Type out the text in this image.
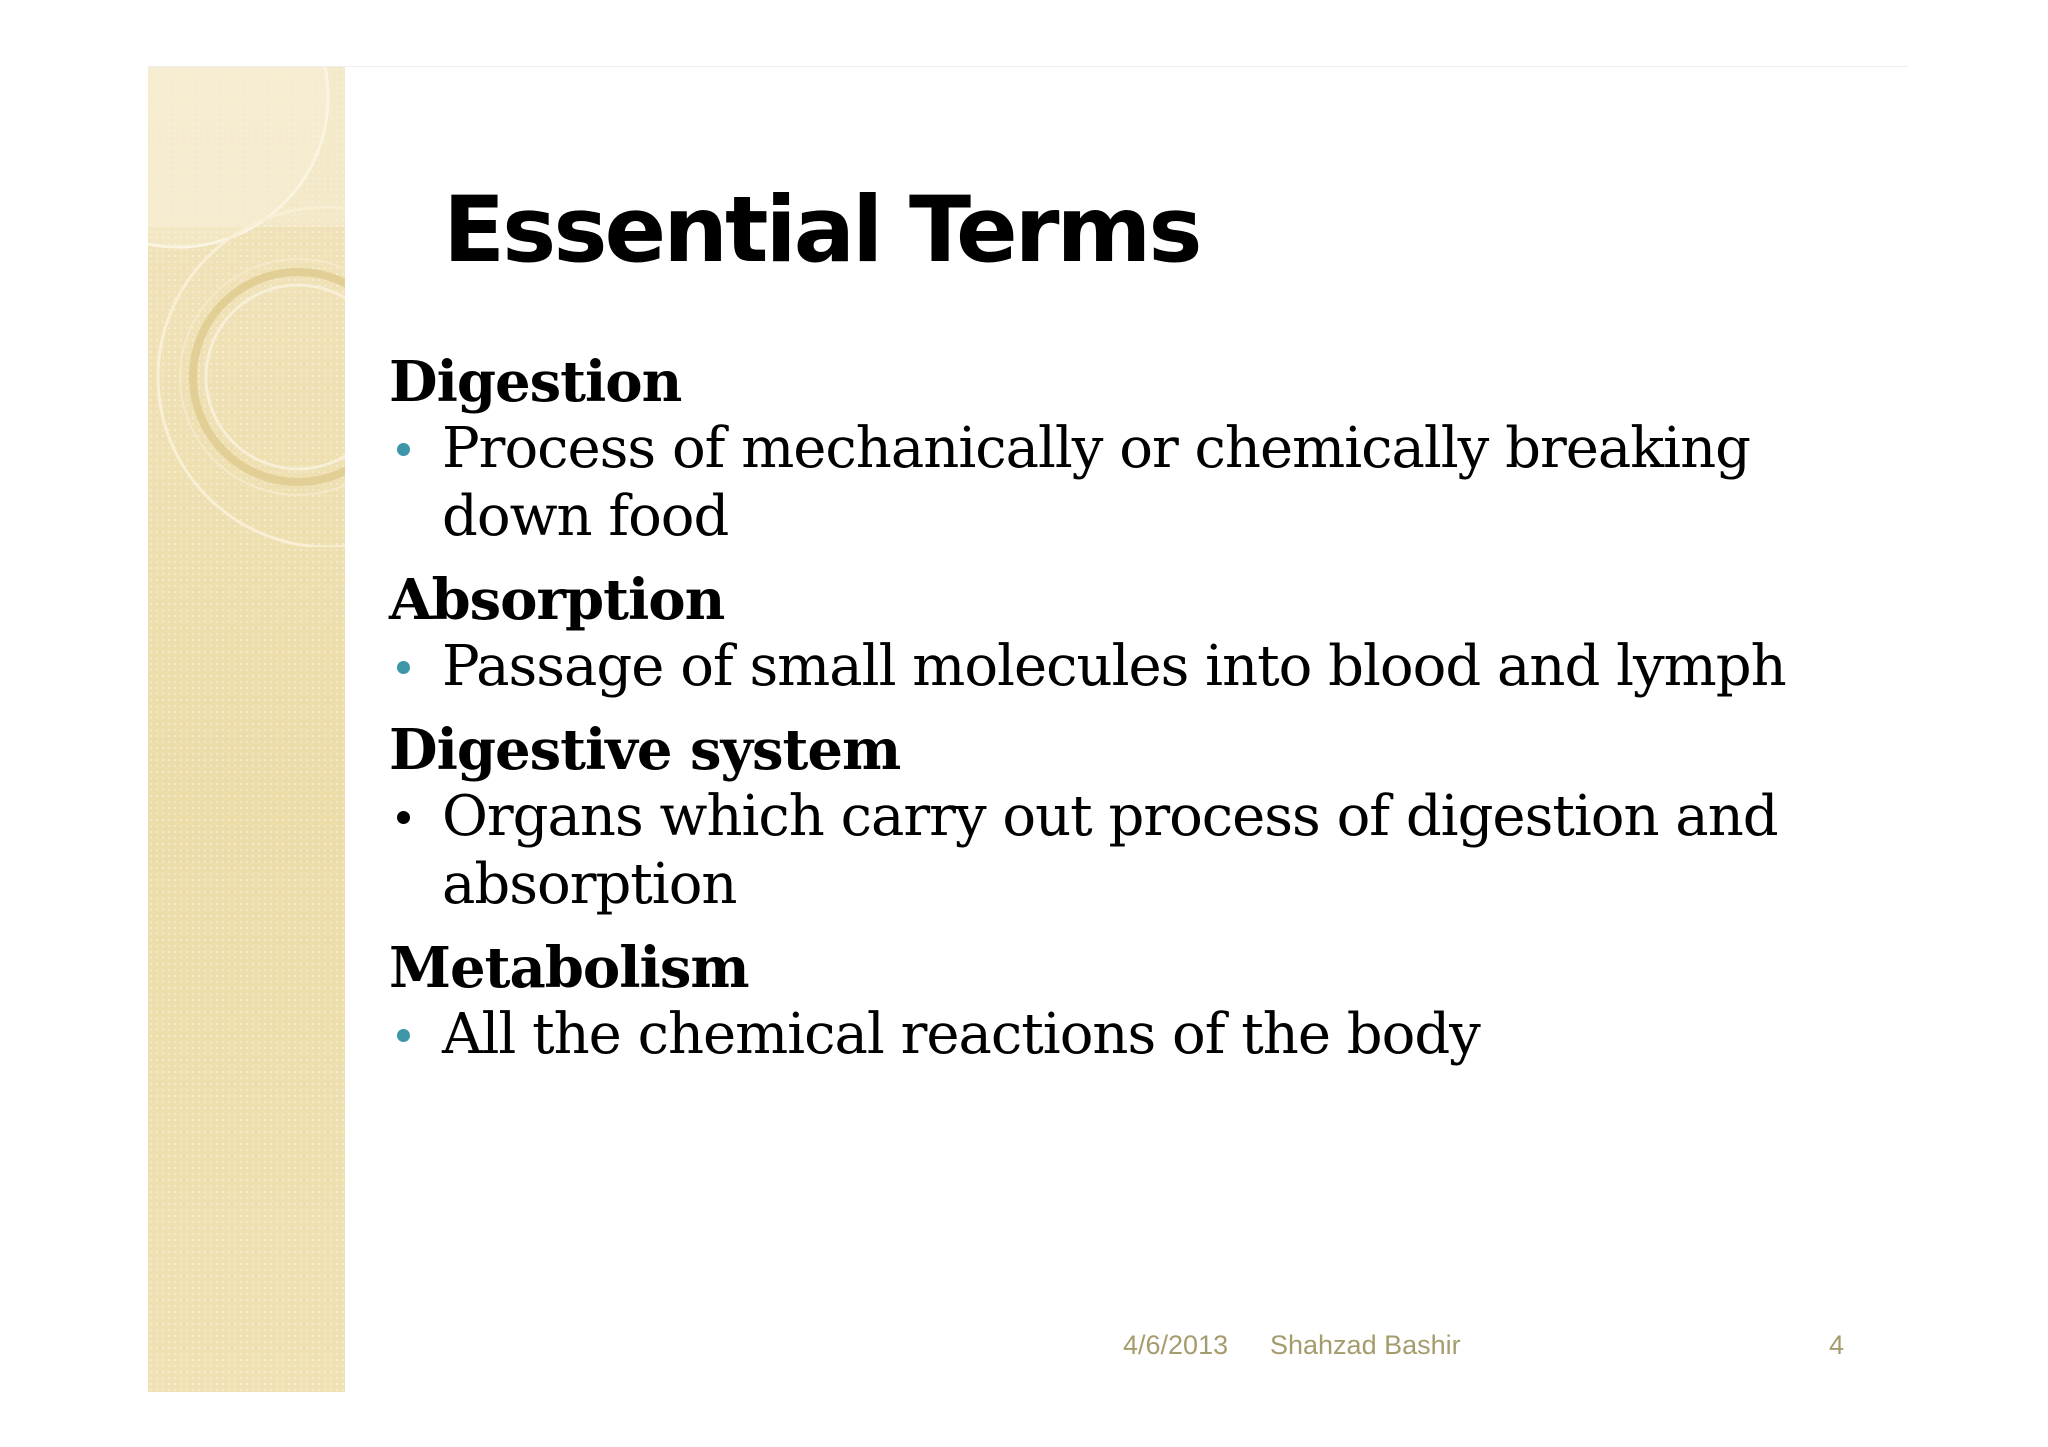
Essential Terms

Digestion

Process of mechanically or chemically breaking down food

Absorption

Passage of small molecules into blood and lymph

Digestive system

Organs which carry out process of digestion and absorption

Metabolism

All the chemical reactions of the body
4/6/2013 Shahzad Bashir	4
